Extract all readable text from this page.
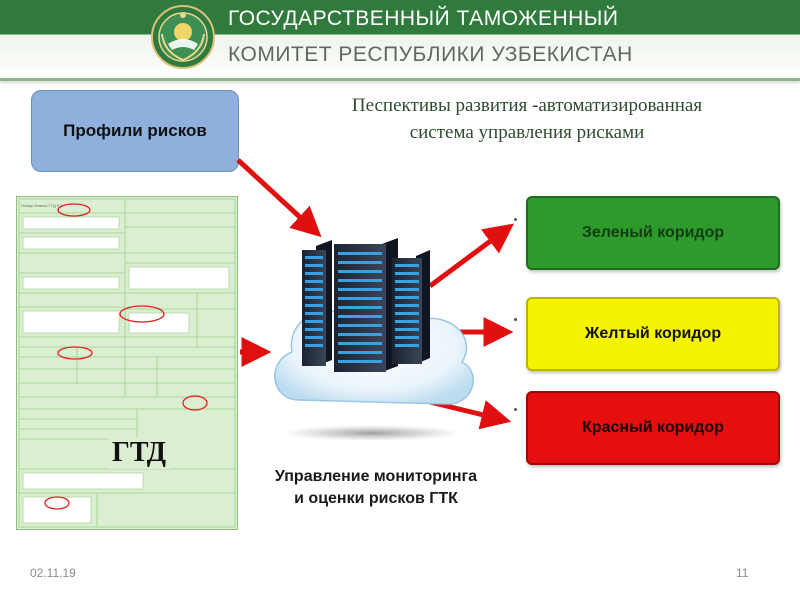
ГОСУДАРСТВЕННЫЙ ТАМОЖЕННЫЙ
КОМИТЕТ РЕСПУБЛИКИ УЗБЕКИСТАН
Песпективы развития -автоматизированная
система управления рисками
Профили рисков
Номер бланка ГТД ЕЭ
ГТД
Зеленый коридор
Желтый коридор
Красный коридор
Управление мониторинга
и оценки рисков ГТК
02.11.19	11
